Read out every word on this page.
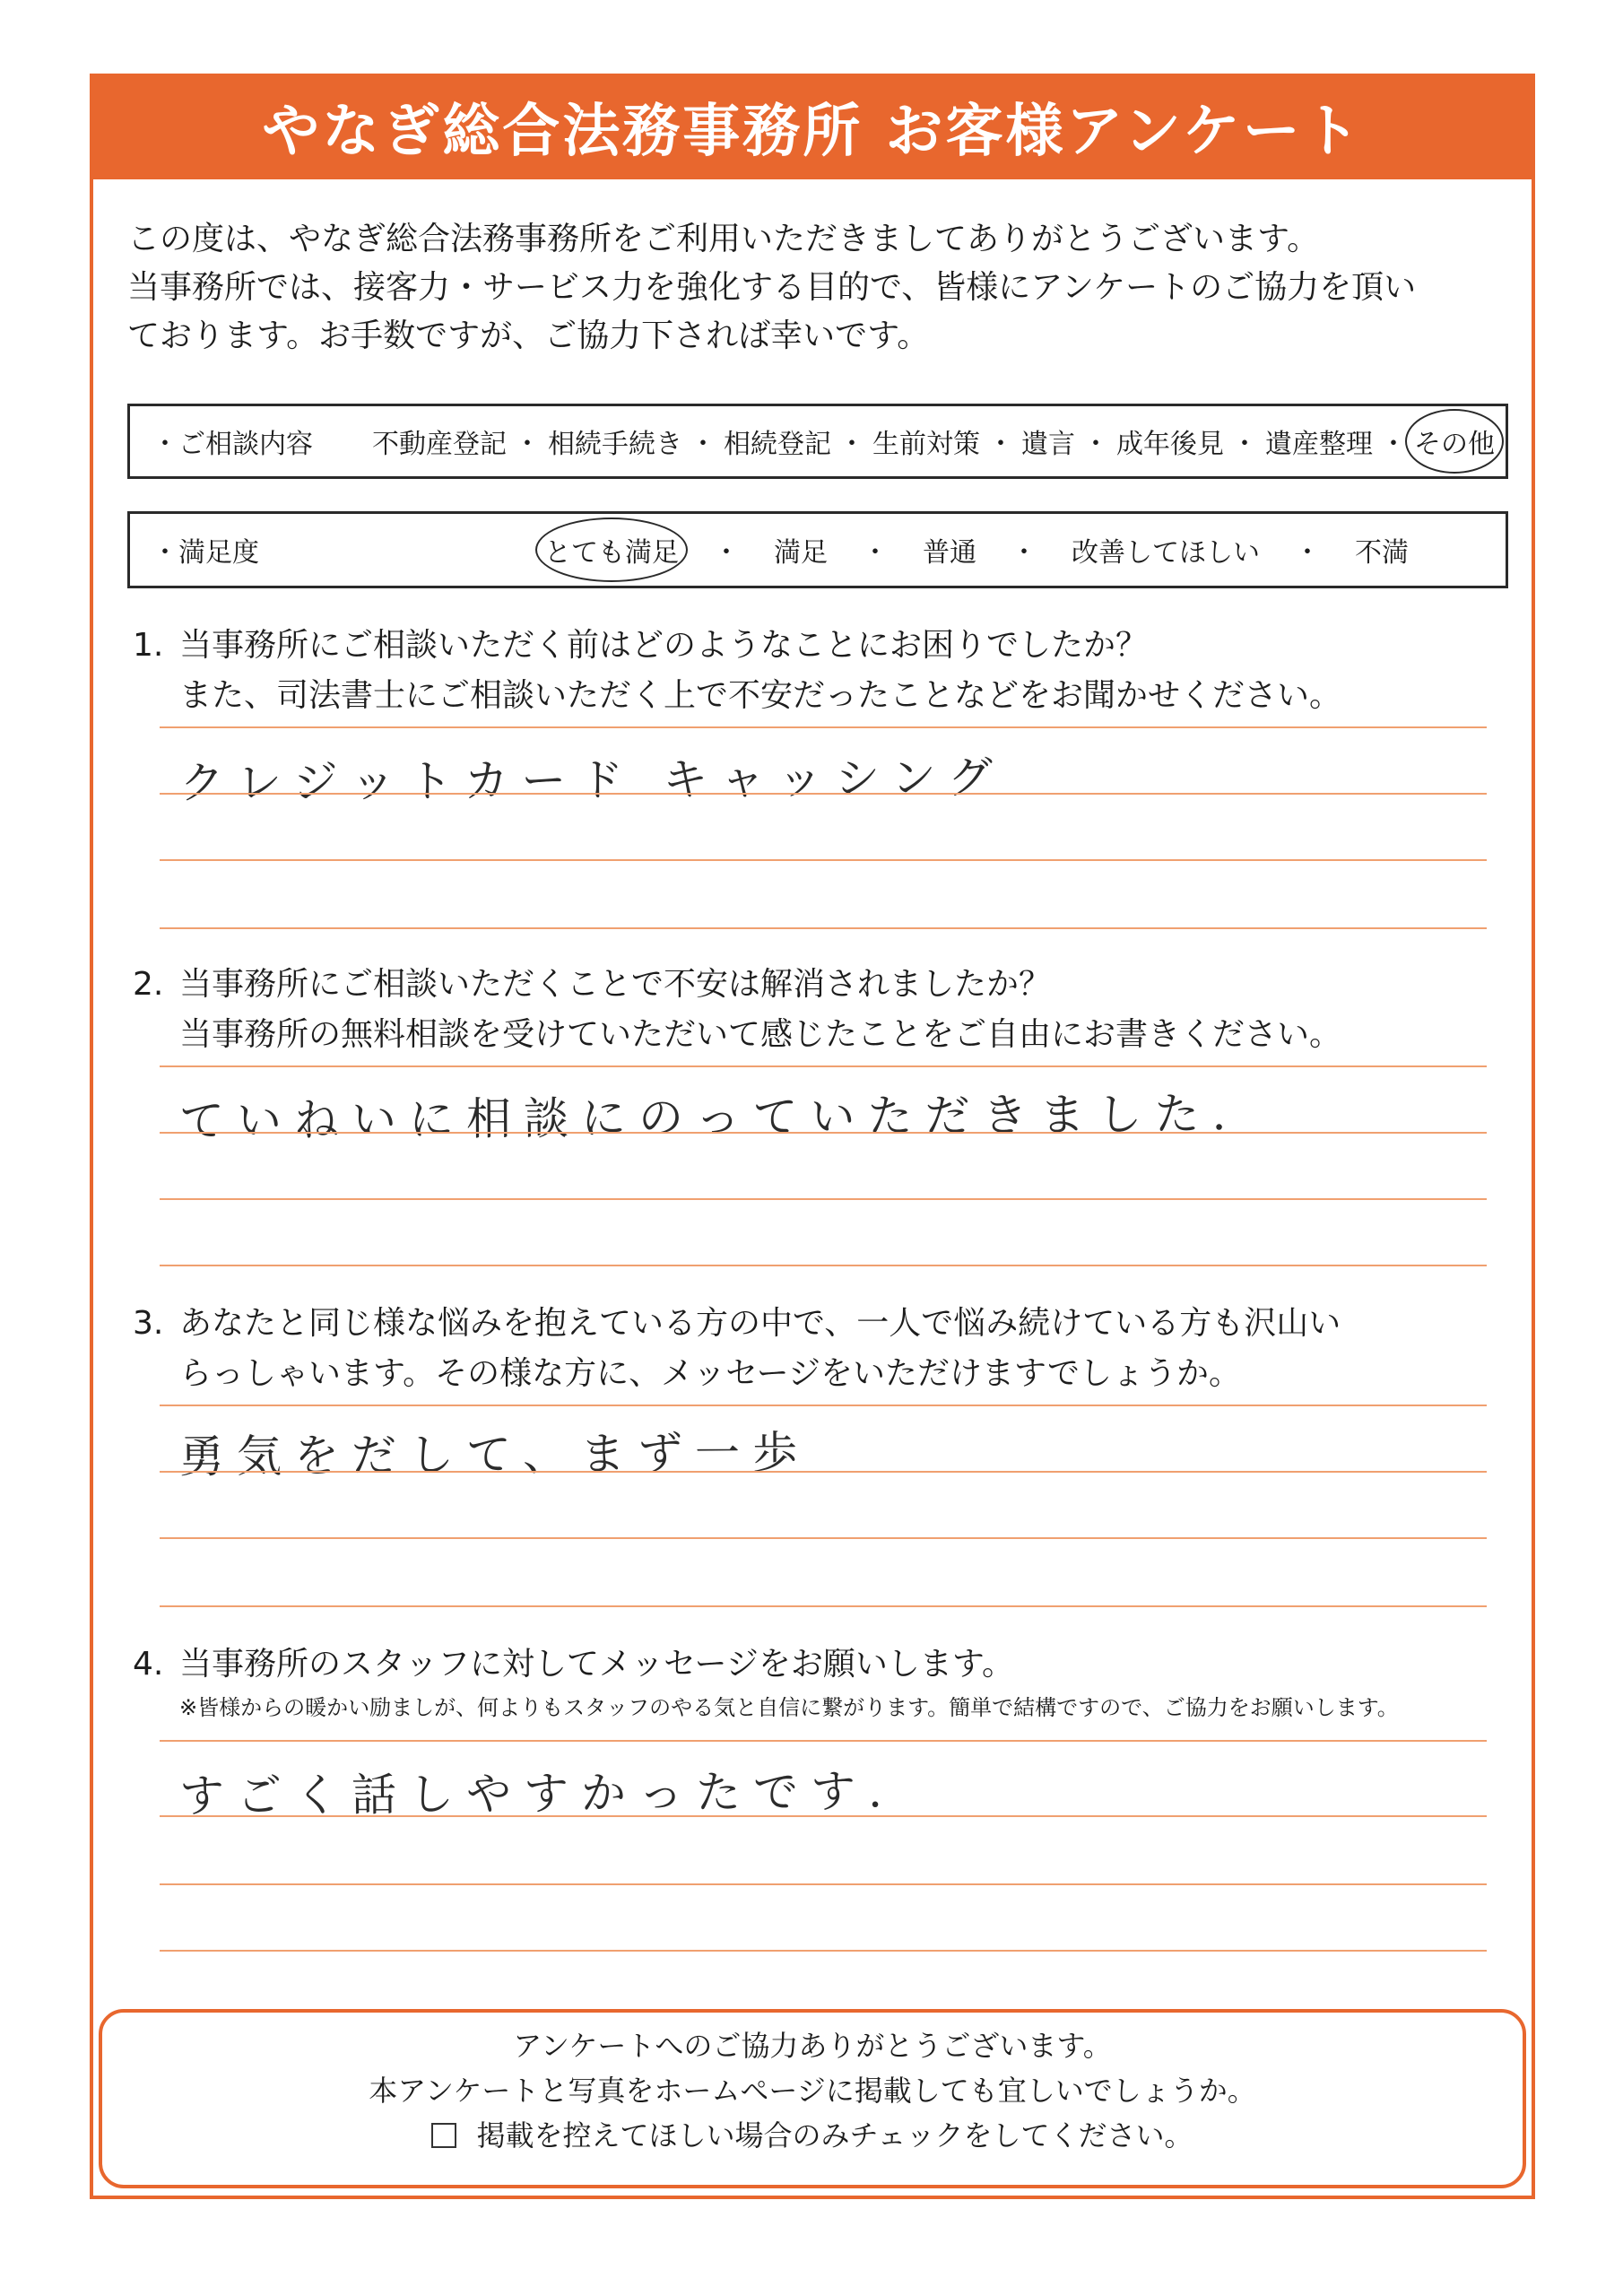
やなぎ総合法務事務所 お客様アンケート

この度は、やなぎ総合法務事務所をご利用いただきましてありがとうございます。

当事務所では、接客力・サービス力を強化する目的で、皆様にアンケートのご協力を頂い

ております。お手数ですが、ご協力下されば幸いです。

・ご相談内容 不動産登記 ・ 相続手続き ・ 相続登記 ・ 生前対策 ・ 遺言 ・ 成年後見 ・ 遺産整理 ・ その他
・満足度	とても満足	・	満足	・	普通	・	改善してほしい	・	不満

1. 当事務所にご相談いただく前はどのようなことにお困りでしたか？

また、司法書士にご相談いただく上で不安だったことなどをお聞かせください。

クレジットカード キャッシング

2. 当事務所にご相談いただくことで不安は解消されましたか？

当事務所の無料相談を受けていただいて感じたことをご自由にお書きください。

ていねいに相談にのっていただきました.

3. あなたと同じ様な悩みを抱えている方の中で、一人で悩み続けている方も沢山い

らっしゃいます。その様な方に、メッセージをいただけますでしょうか。

勇気をだして、まず一歩

4. 当事務所のスタッフに対してメッセージをお願いします。

※皆様からの暖かい励ましが、何よりもスタッフのやる気と自信に繋がります。簡単で結構ですので、ご協力をお願いします。

すごく話しやすかったです.

アンケートへのご協力ありがとうございます。

本アンケートと写真をホームページに掲載しても宜しいでしょうか。

掲載を控えてほしい場合のみチェックをしてください。
